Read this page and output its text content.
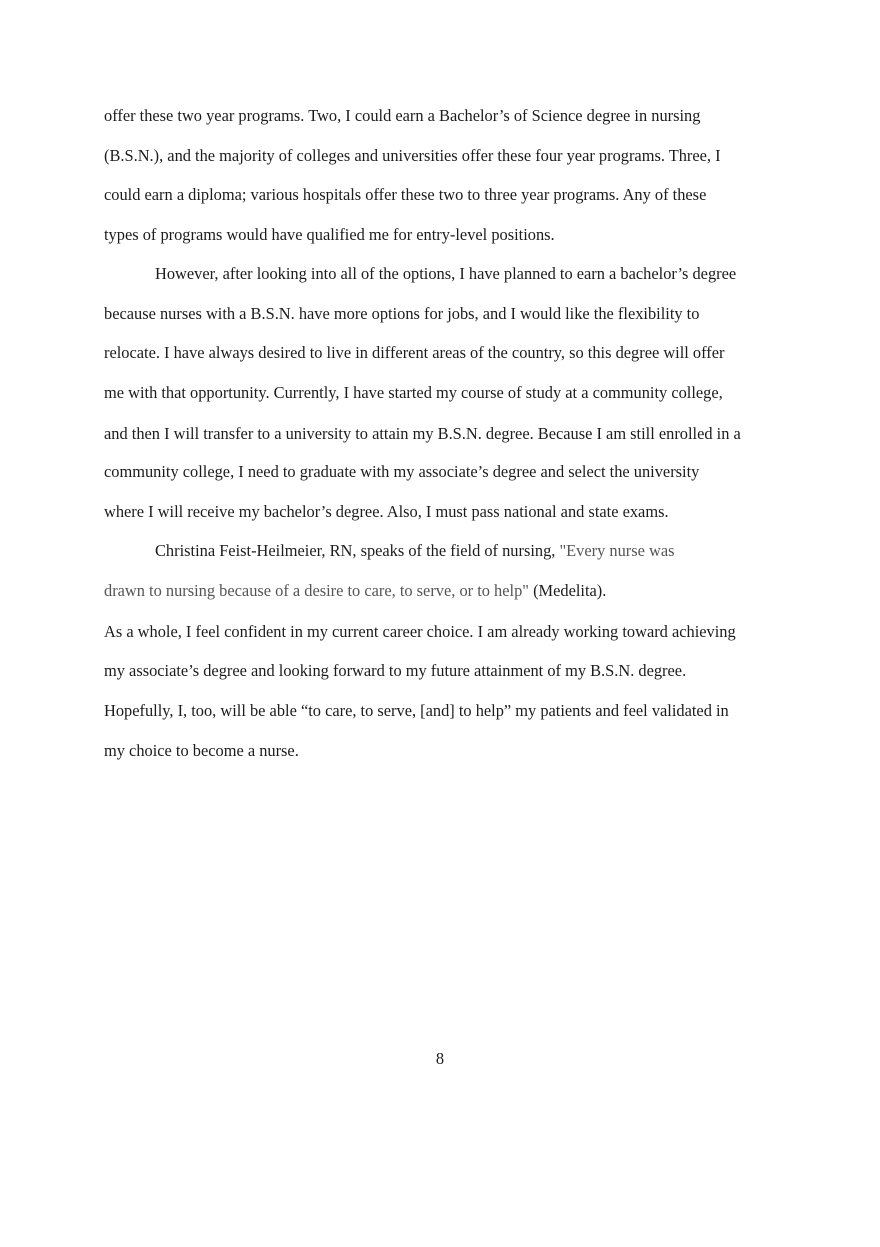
offer these two year programs. Two, I could earn a Bachelor’s of Science degree in nursing

(B.S.N.), and the majority of colleges and universities offer these four year programs. Three, I

could earn a diploma; various hospitals offer these two to three year programs. Any of these

types of programs would have qualified me for entry-level positions.

However, after looking into all of the options, I have planned to earn a bachelor’s degree

because nurses with a B.S.N. have more options for jobs, and I would like the flexibility to

relocate. I have always desired to live in different areas of the country, so this degree will offer

me with that opportunity. Currently, I have started my course of study at a community college,

and then I will transfer to a university to attain my B.S.N. degree. Because I am still enrolled in a

community college, I need to graduate with my associate’s degree and select the university

where I will receive my bachelor’s degree. Also, I must pass national and state exams.

Christina Feist-Heilmeier, RN, speaks of the field of nursing, "Every nurse was

drawn to nursing because of a desire to care, to serve, or to help" (Medelita).

As a whole, I feel confident in my current career choice. I am already working toward achieving

my associate’s degree and looking forward to my future attainment of my B.S.N. degree.

Hopefully, I, too, will be able “to care, to serve, [and] to help” my patients and feel validated in

my choice to become a nurse.

8
